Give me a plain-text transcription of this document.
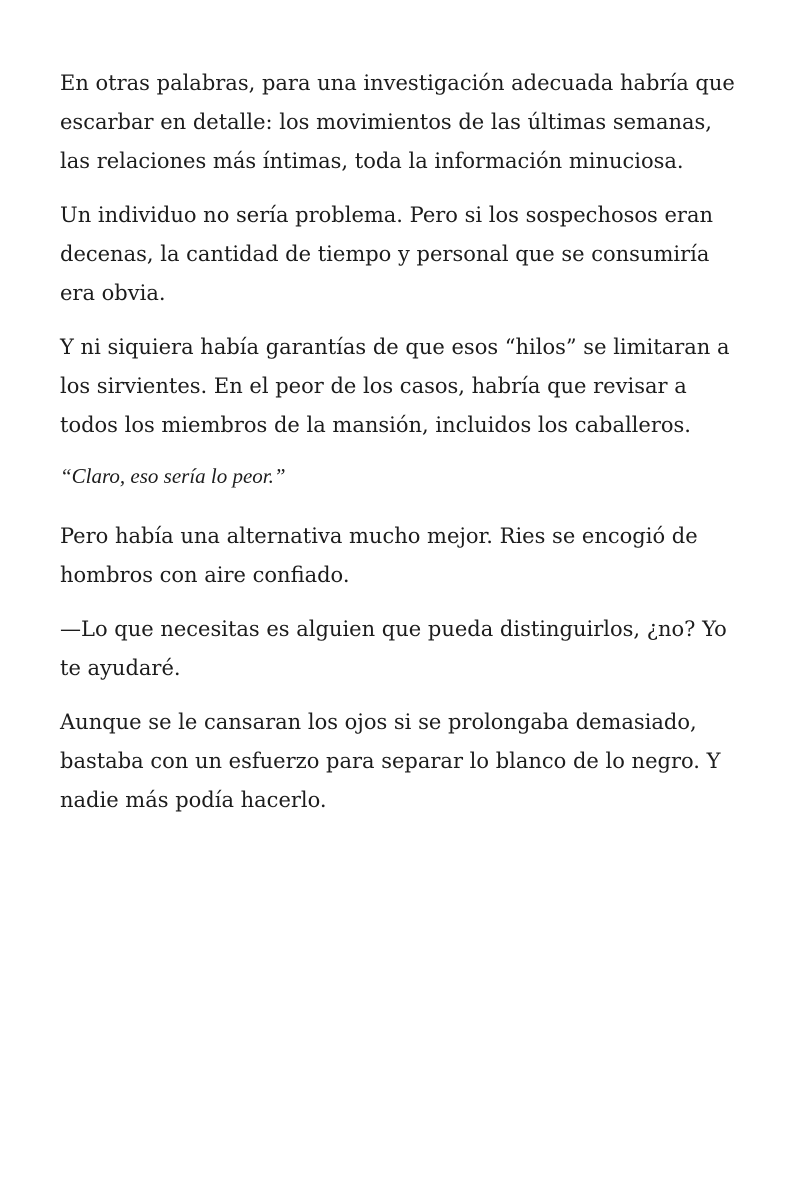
En otras palabras, para una investigación adecuada habría que escarbar en detalle: los movimientos de las últimas semanas, las relaciones más íntimas, toda la información minuciosa.

Un individuo no sería problema. Pero si los sospechosos eran decenas, la cantidad de tiempo y personal que se consumiría era obvia.

Y ni siquiera había garantías de que esos “hilos” se limitaran a los sirvientes. En el peor de los casos, habría que revisar a todos los miembros de la mansión, incluidos los caballeros.

“Claro, eso sería lo peor.”

Pero había una alternativa mucho mejor. Ries se encogió de hombros con aire confiado.

—Lo que necesitas es alguien que pueda distinguirlos, ¿no? Yo te ayudaré.

Aunque se le cansaran los ojos si se prolongaba demasiado, bastaba con un esfuerzo para separar lo blanco de lo negro. Y nadie más podía hacerlo.
